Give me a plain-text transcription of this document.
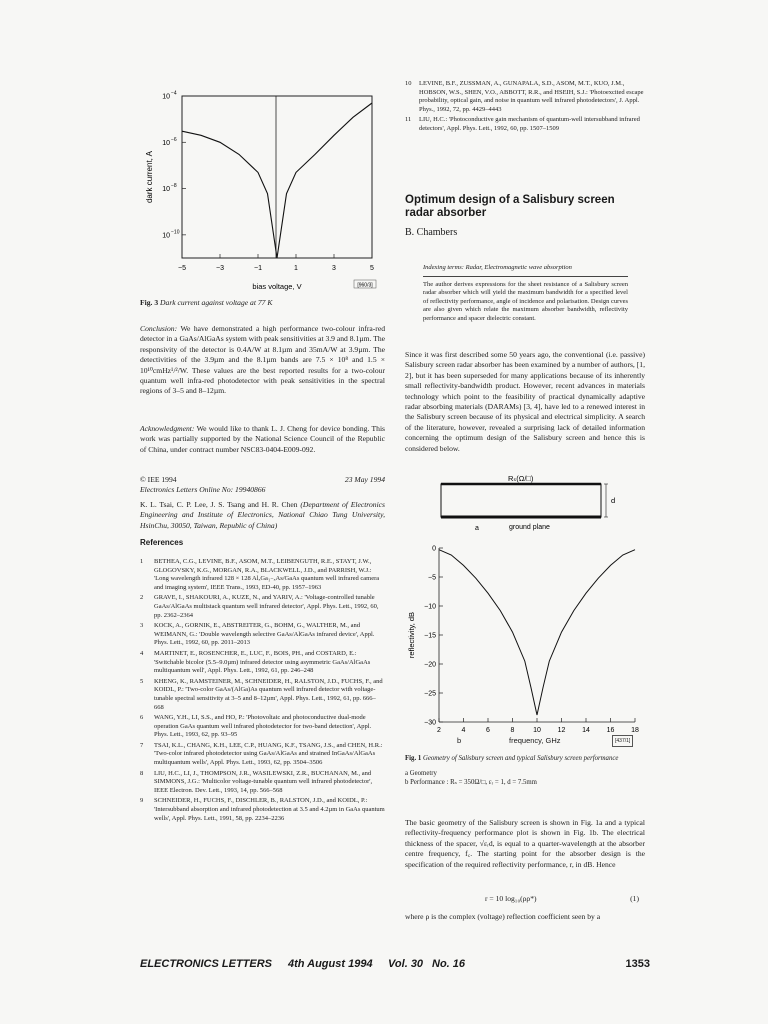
10 −4
10 −6
10 −8
10 −10
−5	−3	−1	1	3	5
dark current, A
bias voltage, V	[960/3]
Fig. 3 Dark current against voltage at 77 K

Conclusion: We have demonstrated a high performance two-colour infra-red detector in a GaAs/AlGaAs system with peak sensitivities at 3.9 and 8.1µm. The responsivity of the detector is 0.4A/W at 8.1µm and 35mA/W at 3.9µm. The detectivities of the 3.9µm and the 8.1µm bands are 7.5 × 10⁸ and 1.5 × 10¹⁰cmHz¹/²/W. These values are the best reported results for a two-colour quantum well infra-red photodetector with peak sensitivities in the spectral regions of 3–5 and 8–12µm.

Acknowledgment: We would like to thank L. J. Cheng for device bonding. This work was partially supported by the National Science Council of the Republic of China, under contract number NSC83-0404-E009-092.

© IEE 1994	23 May 1994
Electronics Letters Online No: 19940866
K. L. Tsai, C. P. Lee, J. S. Tsang and H. R. Chen (Department of Electronics Engineering and Institute of Electronics, National Chiao Tung University, HsinChu, 30050, Taiwan, Republic of China)
References
1 BETHEA, C.G., LEVINE, B.F., ASOM, M.T., LEIBENGUTH, R.E., STAYT, J.W., GLOGOVSKY, K.G., MORGAN, R.A., BLACKWELL, J.D., and PARRISH, W.J.: 'Long wavelength infrared 128 × 128 AlₓGa₁₋ₓAs/GaAs quantum well infrared camera and imaging system', IEEE Trans., 1993, ED-40, pp. 1957–1963
2 GRAVE, I., SHAKOURI, A., KUZE, N., and YARIV, A.: 'Voltage-controlled tunable GaAs/AlGaAs multistack quantum well infrared detector', Appl. Phys. Lett., 1992, 60, pp. 2362–2364
3 KOCK, A., GORNIK, E., ABSTREITER, G., BOHM, G., WALTHER, M., and WEIMANN, G.: 'Double wavelength selective GaAs/AlGaAs infrared device', Appl. Phys. Lett., 1992, 60, pp. 2011–2013
4 MARTINET, E., ROSENCHER, E., LUC, F., BOIS, PH., and COSTARD, E.: 'Switchable bicolor (5.5–9.0µm) infrared detector using asymmetric GaAs/AlGaAs multiquantum well', Appl. Phys. Lett., 1992, 61, pp. 246–248
5 KHENG, K., RAMSTEINER, M., SCHNEIDER, H., RALSTON, J.D., FUCHS, F., and KOIDL, P.: 'Two-color GaAs/(AlGa)As quantum well infrared detector with voltage-tunable spectral sensitivity at 3–5 and 8–12µm', Appl. Phys. Lett., 1992, 61, pp. 666–668
6 WANG, Y.H., LI, S.S., and HO, P.: 'Photovoltaic and photoconductive dual-mode operation GaAs quantum well infrared photodetector for two-band detection', Appl. Phys. Lett., 1993, 62, pp. 93–95
7 TSAI, K.L., CHANG, K.H., LEE, C.P., HUANG, K.F., TSANG, J.S., and CHEN, H.R.: 'Two-color infrared photodetector using GaAs/AlGaAs and strained InGaAs/AlGaAs multiquantum wells', Appl. Phys. Lett., 1993, 62, pp. 3504–3506
8 LIU, H.C., LI, J., THOMPSON, J.R., WASILEWSKI, Z.R., BUCHANAN, M., and SIMMONS, J.G.: 'Multicolor voltage-tunable quantum well infrared photodetector', IEEE Electron. Dev. Lett., 1993, 14, pp. 566–568
9 SCHNEIDER, H., FUCHS, F., DISCHLER, B., RALSTON, J.D., and KOIDL, P.: 'Intersubband absorption and infrared photodetection at 3.5 and 4.2µm in GaAs quantum wells', Appl. Phys. Lett., 1991, 58, pp. 2234–2236
10 LEVINE, B.F., ZUSSMAN, A., GUNAPALA, S.D., ASOM, M.T., KUO, J.M., HOBSON, W.S., SHEN, V.O., ABBOTT, R.R., and HSEIH, S.J.: 'Photoexcited escape probability, optical gain, and noise in quantum well infrared photodetectors', J. Appl. Phys., 1992, 72, pp. 4429–4443
11 LIU, H.C.: 'Photoconductive gain mechanism of quantum-well intersubband infrared detectors', Appl. Phys. Lett., 1992, 60, pp. 1507–1509
Optimum design of a Salisbury screen radar absorber
B. Chambers
Indexing terms: Radar, Electromagnetic wave absorption

The author derives expressions for the sheet resistance of a Salisbury screen radar absorber which will yield the maximum bandwidth for a specified level of reflectivity performance, angle of incidence and polarisation. Design curves are also given which relate the maximum absorber bandwidth, reflectivity performance and spacer dielectric constant.

Since it was first described some 50 years ago, the conventional (i.e. passive) Salisbury screen radar absorber has been examined by a number of authors, [1, 2], but it has been superseded for many applications because of its inherently small reflectivity-bandwidth product. However, recent advances in materials technology which point to the feasibility of practical dynamically adaptive radar absorbing materials (DARAMs) [3, 4], have led to a renewed interest in the Salisbury screen because of its physical and electrical simplicity. A search of the literature, however, revealed a surprising lack of detailed information concerning the optimum design of the Salisbury screen and hence this is considered below.
Rₛ(Ω/□)
d
a	ground plane
0
−5
−10
−15
−20
−25
−30
2	4	6	8	10 12 14 16 18
reflectivity, dB
b	frequency, GHz	[437/1]

Fig. 1 Geometry of Salisbury screen and typical Salisbury screen performance

a Geometry

b Performance : Rₛ = 350Ω/□, εᵣ = 1, d = 7.5mm

The basic geometry of the Salisbury screen is shown in Fig. 1a and a typical reflectivity-frequency performance plot is shown in Fig. 1b. The electrical thickness of the spacer, √εᵣd, is equal to a quarter-wavelength at the absorber centre frequency, f꜀. The starting point for the absorber design is the specification of the required reflectivity performance, r, in dB. Hence
r = 10 log₁₀(ρρ*)	(1)
where ρ is the complex (voltage) reflection coefficient seen by a
ELECTRONICS LETTERS 4th August 1994 Vol. 30 No. 16	1353
